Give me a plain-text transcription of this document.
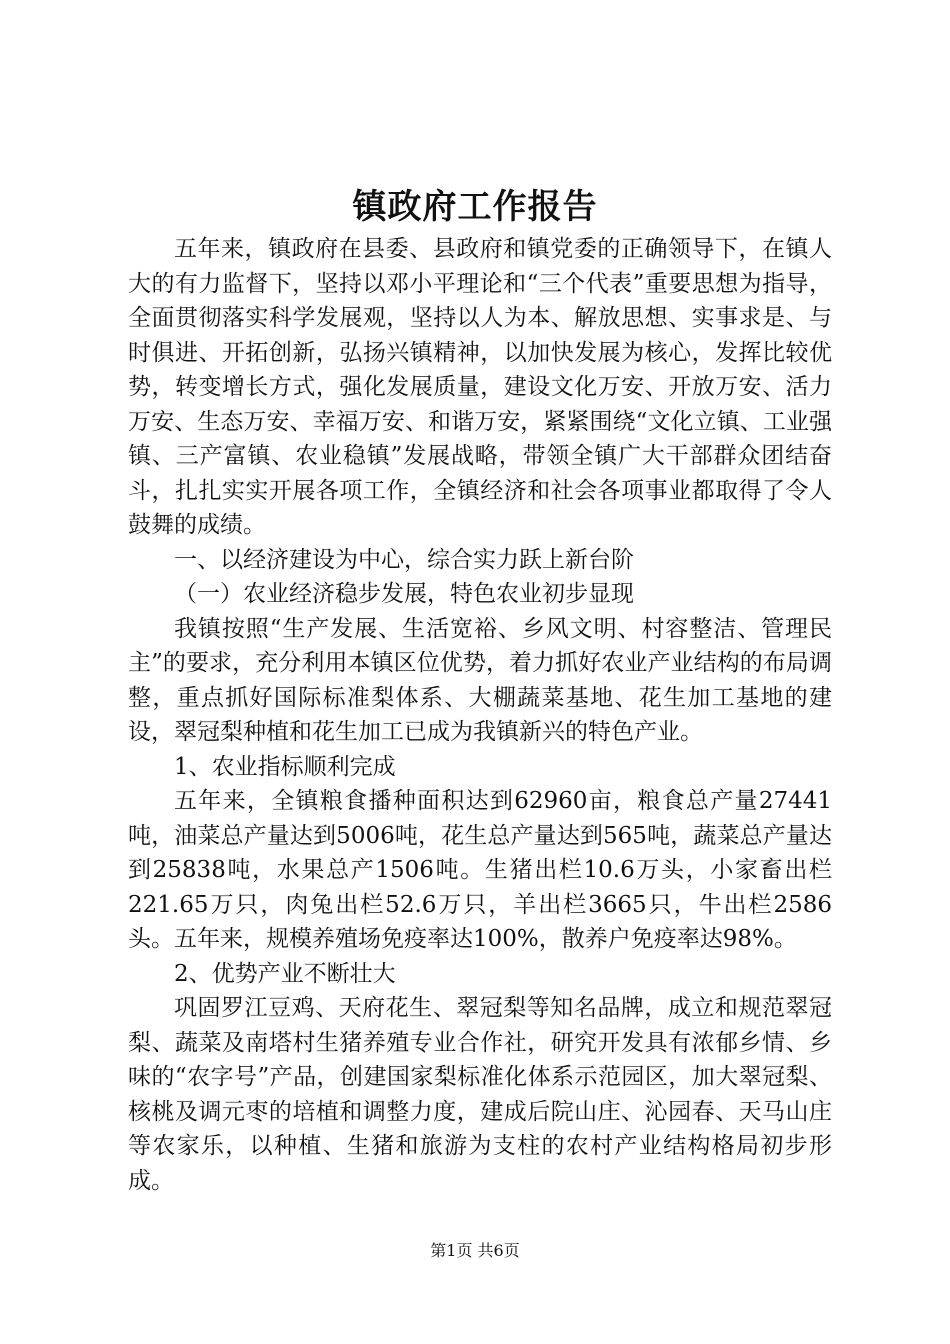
镇政府工作报告

五年来，镇政府在县委、县政府和镇党委的正确领导下，在镇人大的有力监督下，坚持以邓小平理论和“三个代表”重要思想为指导，全面贯彻落实科学发展观，坚持以人为本、解放思想、实事求是、与时俱进、开拓创新，弘扬兴镇精神，以加快发展为核心，发挥比较优势，转变增长方式，强化发展质量，建设文化万安、开放万安、活力万安、生态万安、幸福万安、和谐万安，紧紧围绕“文化立镇、工业强镇、三产富镇、农业稳镇”发展战略，带领全镇广大干部群众团结奋斗，扎扎实实开展各项工作，全镇经济和社会各项事业都取得了令人鼓舞的成绩。

一、以经济建设为中心，综合实力跃上新台阶

（一）农业经济稳步发展，特色农业初步显现

我镇按照“生产发展、生活宽裕、乡风文明、村容整洁、管理民主”的要求，充分利用本镇区位优势，着力抓好农业产业结构的布局调整，重点抓好国际标准梨体系、大棚蔬菜基地、花生加工基地的建设，翠冠梨种植和花生加工已成为我镇新兴的特色产业。

1、农业指标顺利完成

五年来，全镇粮食播种面积达到62960亩，粮食总产量27441吨，油菜总产量达到5006吨，花生总产量达到565吨，蔬菜总产量达到25838吨，水果总产1506吨。生猪出栏10.6万头，小家畜出栏221.65万只，肉兔出栏52.6万只，羊出栏3665只，牛出栏2586头。五年来，规模养殖场免疫率达100%，散养户免疫率达98%。

2、优势产业不断壮大

巩固罗江豆鸡、天府花生、翠冠梨等知名品牌，成立和规范翠冠梨、蔬菜及南塔村生猪养殖专业合作社，研究开发具有浓郁乡情、乡味的“农字号”产品，创建国家梨标准化体系示范园区，加大翠冠梨、核桃及调元枣的培植和调整力度，建成后院山庄、沁园春、天马山庄等农家乐，以种植、生猪和旅游为支柱的农村产业结构格局初步形成。

第1页 共6页
